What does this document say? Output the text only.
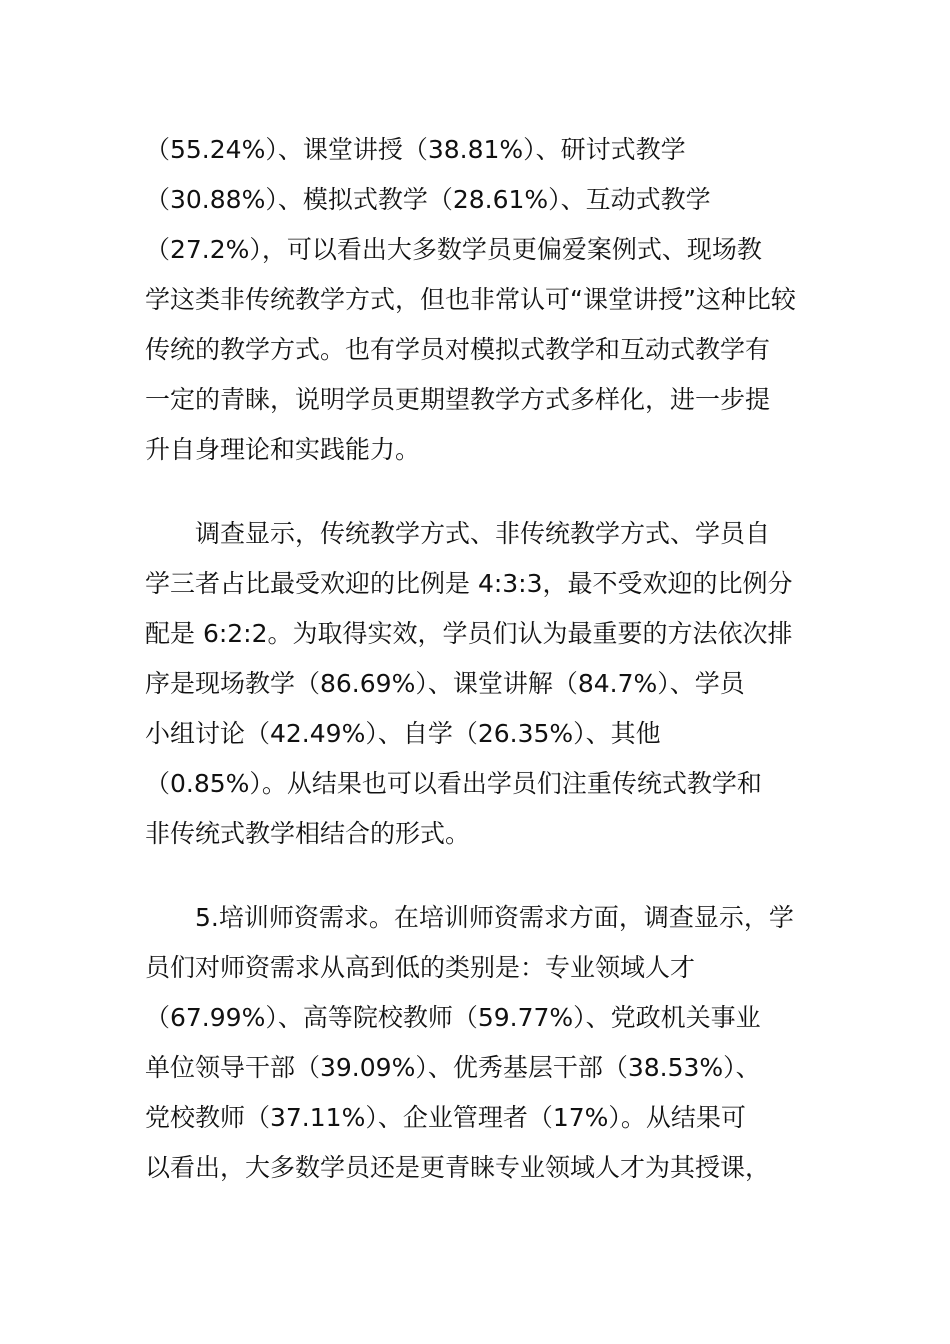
（55.24%）、课堂讲授（38.81%）、研讨式教学

（30.88%）、模拟式教学（28.61%）、互动式教学

（27.2%），可以看出大多数学员更偏爱案例式、现场教

学这类非传统教学方式，但也非常认可“课堂讲授”这种比较

传统的教学方式。也有学员对模拟式教学和互动式教学有

一定的青睐，说明学员更期望教学方式多样化，进一步提

升自身理论和实践能力。

调查显示，传统教学方式、非传统教学方式、学员自

学三者占比最受欢迎的比例是 4:3:3，最不受欢迎的比例分

配是 6:2:2。为取得实效，学员们认为最重要的方法依次排

序是现场教学（86.69%）、课堂讲解（84.7%）、学员

小组讨论（42.49%）、自学（26.35%）、其他

（0.85%）。从结果也可以看出学员们注重传统式教学和

非传统式教学相结合的形式。

5.培训师资需求。在培训师资需求方面，调查显示，学

员们对师资需求从高到低的类别是：专业领域人才

（67.99%）、高等院校教师（59.77%）、党政机关事业

单位领导干部（39.09%）、优秀基层干部（38.53%）、

党校教师（37.11%）、企业管理者（17%）。从结果可

以看出，大多数学员还是更青睐专业领域人才为其授课，
